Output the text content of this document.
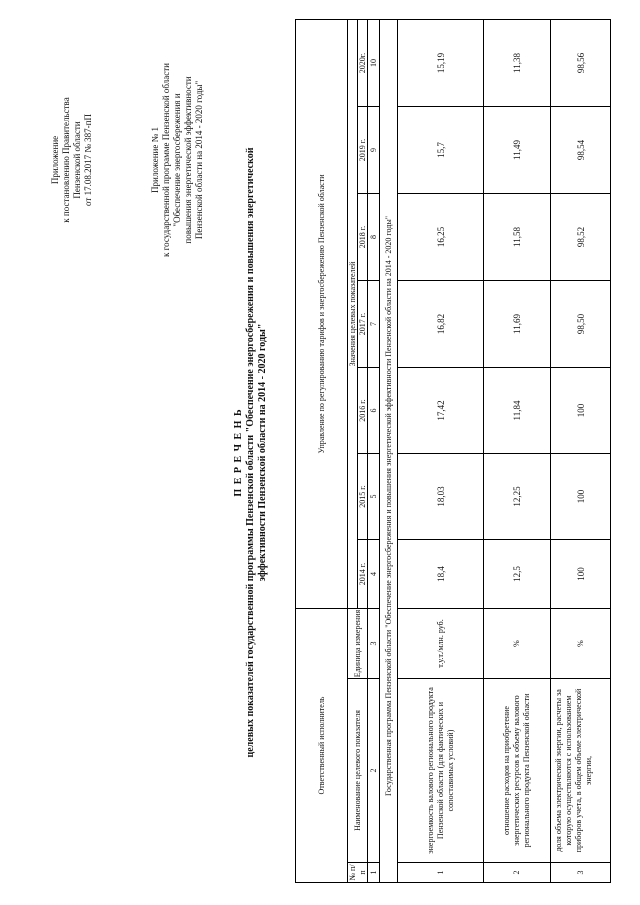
Приложение к постановлению Правительства Пензенской области от 17.08.2017 № 387-пП	Приложение № 1 к государственной программе Пензенской области "Обеспечение энергосбережения и повышения энергетической эффективности Пензенской области на 2014 - 2020 годы"
П Е Р Е Ч Е Н Ь целевых показателей государственной программы Пензенской области "Обеспечение энергосбережения и повышения энергетической эффективности Пензенской области на 2014 - 2020 годы"
Ответственный исполнитель
Управление по регулированию тарифов и энергосбережению Пензенской области
№ п/п
Наименование целевого показателя
Единица измерения
Значения целевых показателей
2014 г.
2015 г.
2016 г.
2017 г.
2018 г.
2019 г.
2020г.
1
2
3
4
5
6
7
8
9
10
Государственная программа Пензенской области "Обеспечение энергосбережения и повышения энергетической эффективности Пензенской области на 2014 - 2020 годы"
1
энергоемкость валового регионального продукта Пензенской области (для фактических и сопоставимых условий)
т.у.т./млн. руб.
18,4
18,03
17,42
16,82
16,25
15,7
15,19
2
отношение расходов на приобретение энергетических ресурсов к объему валового регионального продукта Пензенской области
%
12,5
12,25
11,84
11,69
11,58
11,49
11,38
3
доля объема электрической энергии, расчеты за которую осуществляются с использованием приборов учета, в общем объеме электрической энергии,
%
100
100
100
98,50
98,52
98,54
98,56
